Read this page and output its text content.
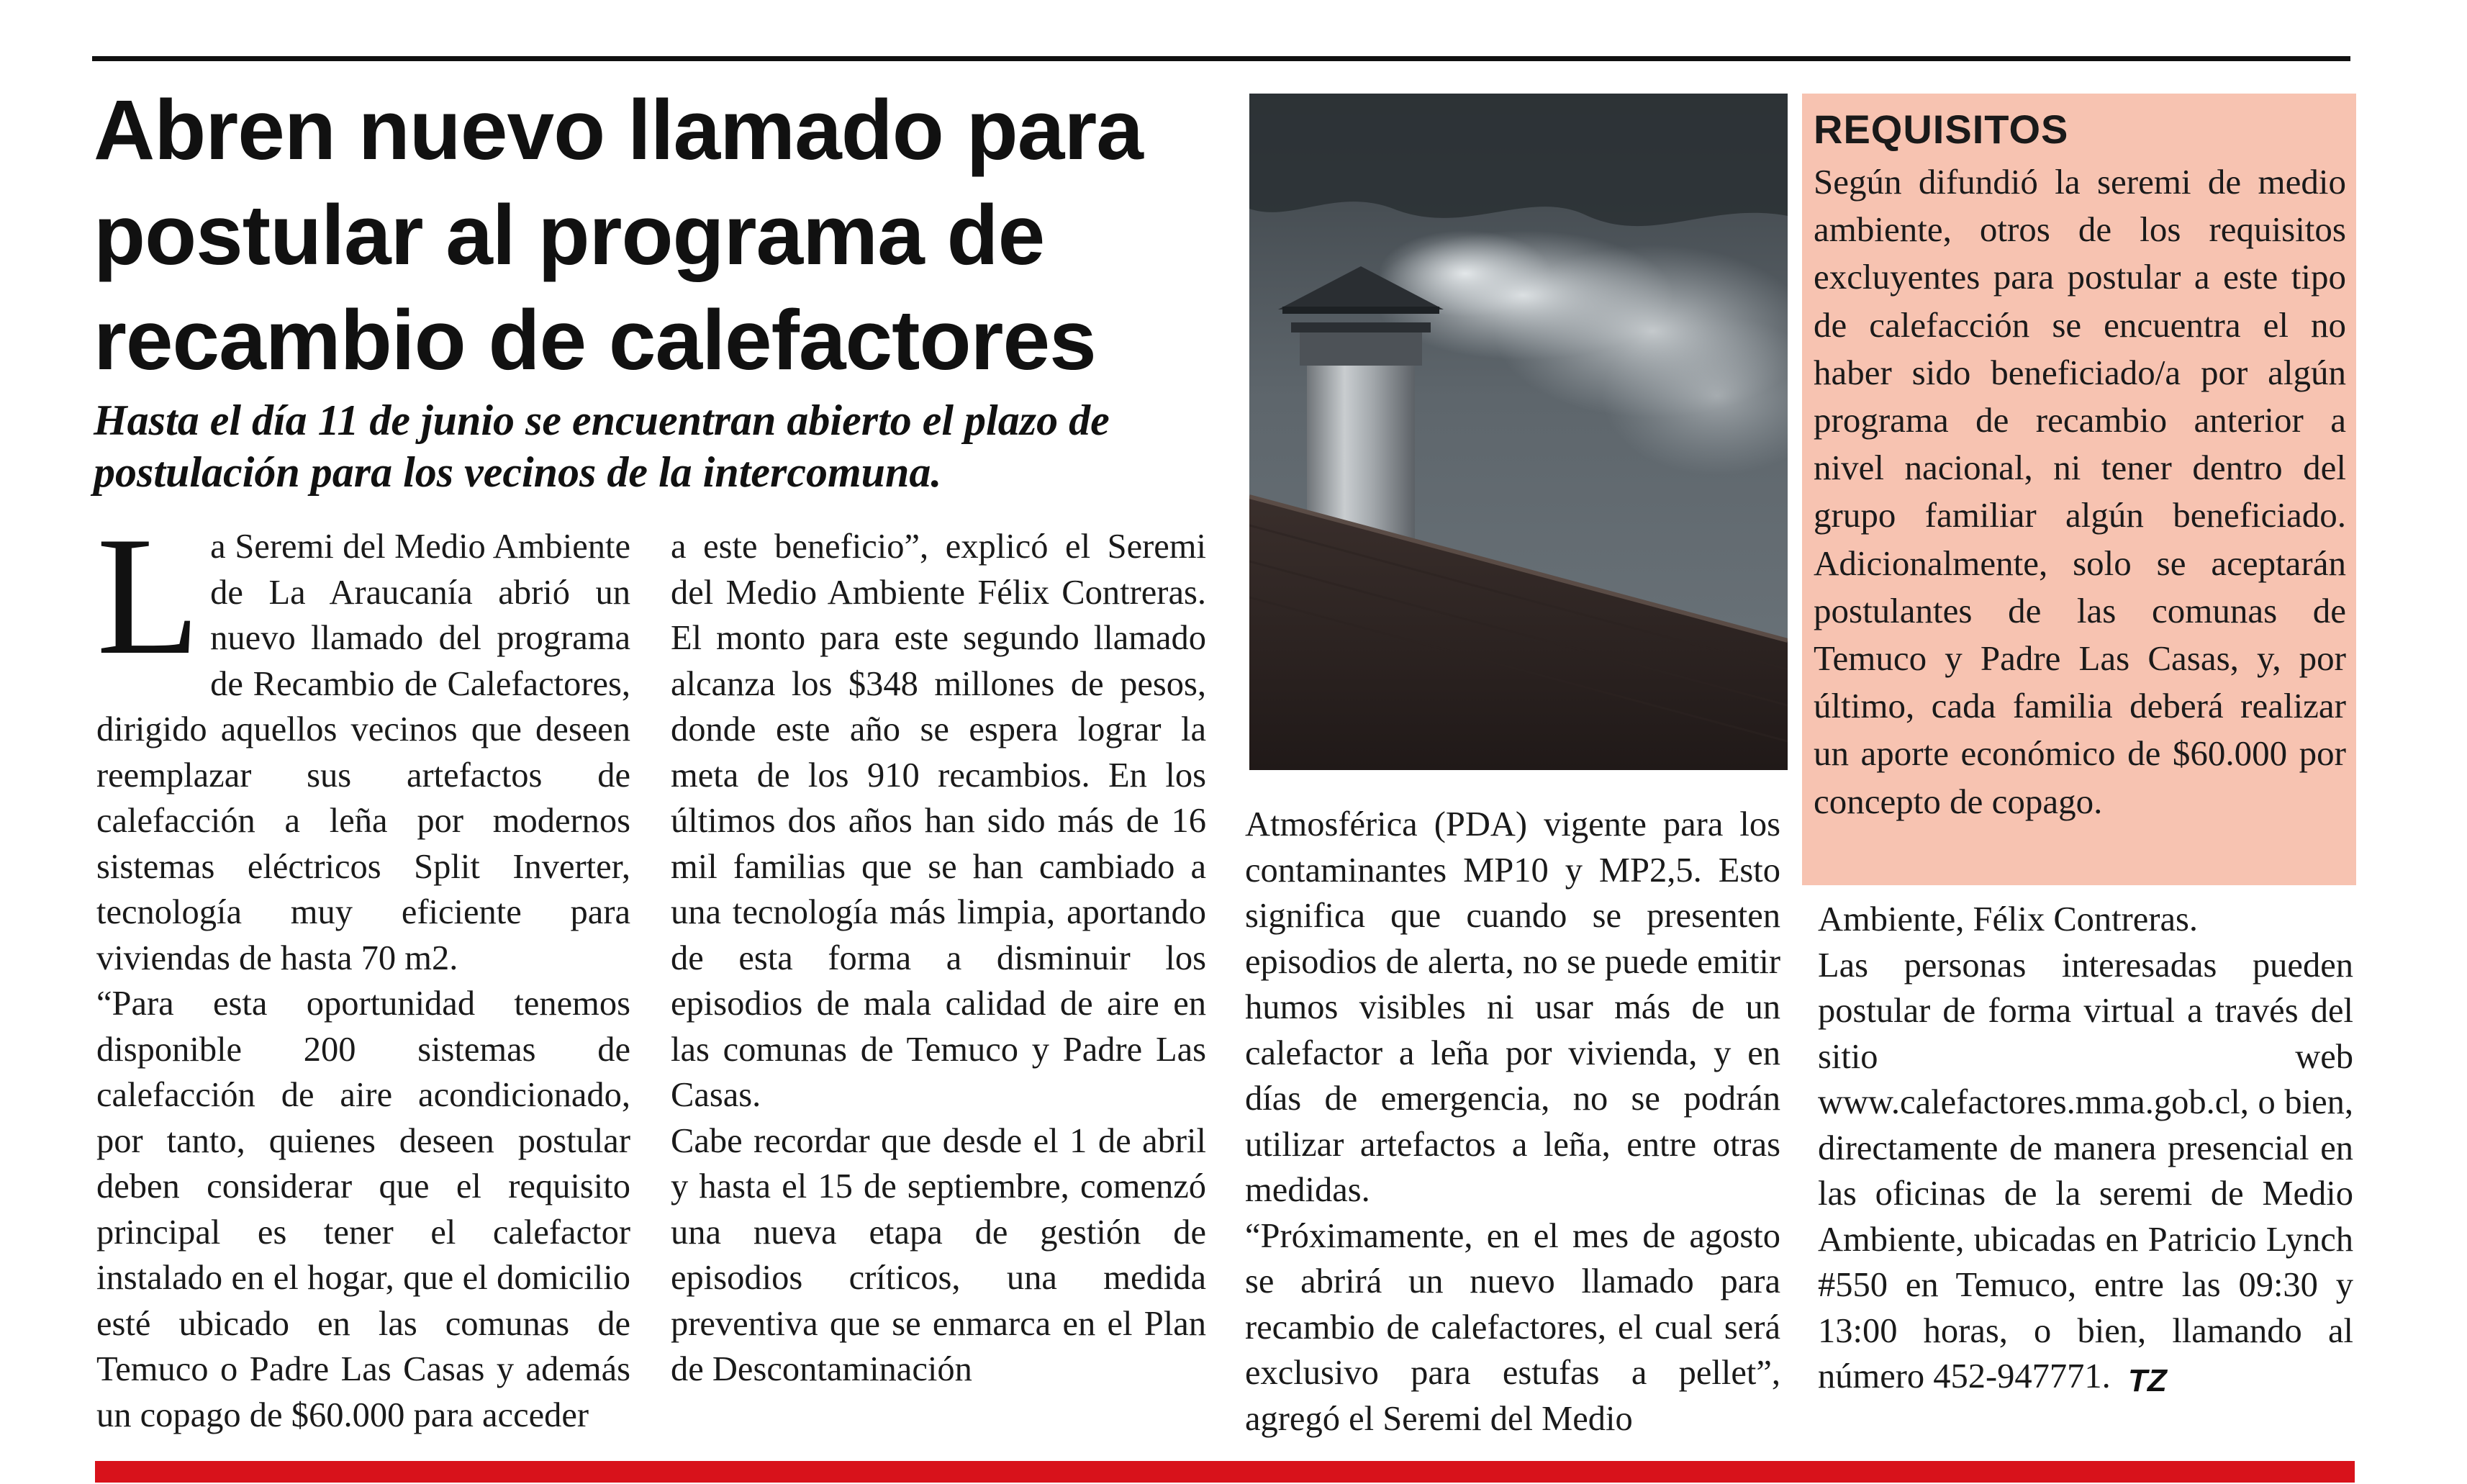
Abren nuevo llamado para postular al programa de recambio de calefactores
Hasta el día 11 de junio se encuentran abierto el plazo de postulación para los vecinos de la intercomuna.

La Seremi del Medio Ambiente de La Araucanía abrió un nuevo llamado del programa de Recambio de Calefactores, dirigido aquellos vecinos que deseen reemplazar sus artefactos de calefacción a leña por modernos sistemas eléctricos Split Inverter, tecnología muy eficiente para viviendas de hasta 70 m2.

“Para esta oportunidad tenemos disponible 200 sistemas de calefacción de aire acondicionado, por tanto, quienes deseen postular deben considerar que el requisito principal es tener el calefactor instalado en el hogar, que el domicilio esté ubicado en las comunas de Temuco o Padre Las Casas y además un copago de $60.000 para acceder

a este beneficio”, explicó el Seremi del Medio Ambiente Félix Contreras. El monto para este segundo llamado alcanza los $348 millones de pesos, donde este año se espera lograr la meta de los 910 recambios. En los últimos dos años han sido más de 16 mil familias que se han cambiado a una tecnología más limpia, aportando de esta forma a disminuir los episodios de mala calidad de aire en las comunas de Temuco y Padre Las Casas.

Cabe recordar que desde el 1 de abril y hasta el 15 de septiembre, comenzó una nueva etapa de gestión de episodios críticos, una medida preventiva que se enmarca en el Plan de Descontaminación

REQUISITOS

Según difundió la seremi de medio ambiente, otros de los requisitos excluyentes para postular a este tipo de calefacción se encuentra el no haber sido beneficiado/a por algún programa de recambio anterior a nivel nacional, ni tener dentro del grupo familiar algún beneficiado. Adicionalmente, solo se aceptarán postulantes de las comunas de Temuco y Padre Las Casas, y, por último, cada familia deberá realizar un aporte económico de $60.000 por concepto de copago.

Atmosférica (PDA) vigente para los contaminantes MP10 y MP2,5. Esto significa que cuando se presenten episodios de alerta, no se puede emitir humos visibles ni usar más de un calefactor a leña por vivienda, y en días de emergencia, no se podrán utilizar artefactos a leña, entre otras medidas.

“Próximamente, en el mes de agosto se abrirá un nuevo llamado para recambio de calefactores, el cual será exclusivo para estufas a pellet”, agregó el Seremi del Medio

Ambiente, Félix Contreras.

Las personas interesadas pueden postular de forma virtual a través del sitio web www.calefactores.mma.gob.cl, o bien, directamente de manera presencial en las oficinas de la seremi de Medio Ambiente, ubicadas en Patricio Lynch #550 en Temuco, entre las 09:30 y 13:00 horas, o bien, llamando al número 452-947771. TZ
